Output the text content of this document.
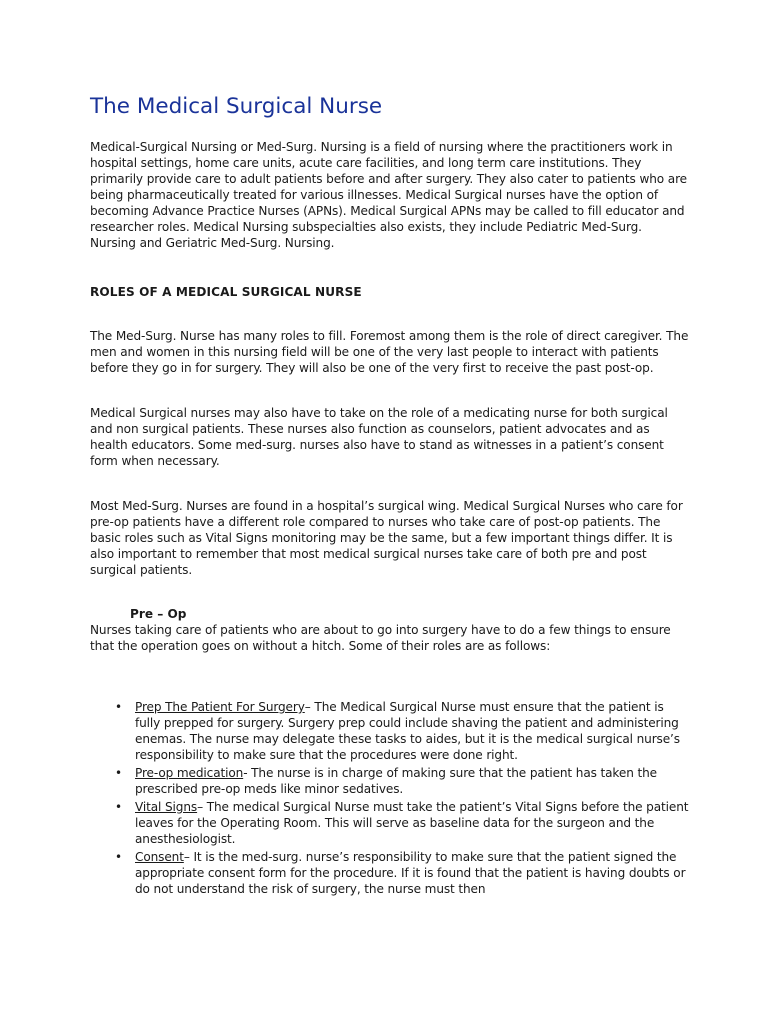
The Medical Surgical Nurse

Medical-Surgical Nursing or Med-Surg. Nursing is a field of nursing where the practitioners work in hospital settings, home care units, acute care facilities, and long term care institutions. They primarily provide care to adult patients before and after surgery. They also cater to patients who are being pharmaceutically treated for various illnesses. Medical Surgical nurses have the option of becoming Advance Practice Nurses (APNs). Medical Surgical APNs may be called to fill educator and researcher roles. Medical Nursing subspecialties also exists, they include Pediatric Med-Surg. Nursing and Geriatric Med-Surg. Nursing.

ROLES OF A MEDICAL SURGICAL NURSE

The Med-Surg. Nurse has many roles to fill. Foremost among them is the role of direct caregiver. The men and women in this nursing field will be one of the very last people to interact with patients before they go in for surgery. They will also be one of the very first to receive the past post-op.

Medical Surgical nurses may also have to take on the role of a medicating nurse for both surgical and non surgical patients. These nurses also function as counselors, patient advocates and as health educators. Some med-surg. nurses also have to stand as witnesses in a patient’s consent form when necessary.

Most Med-Surg. Nurses are found in a hospital’s surgical wing. Medical Surgical Nurses who care for pre-op patients have a different role compared to nurses who take care of post-op patients. The basic roles such as Vital Signs monitoring may be the same, but a few important things differ. It is also important to remember that most medical surgical nurses take care of both pre and post surgical patients.

Pre – Op

Nurses taking care of patients who are about to go into surgery have to do a few things to ensure that the operation goes on without a hitch. Some of their roles are as follows:

• Prep The Patient For Surgery– The Medical Surgical Nurse must ensure that the patient is fully prepped for surgery. Surgery prep could include shaving the patient and administering enemas. The nurse may delegate these tasks to aides, but it is the medical surgical nurse’s responsibility to make sure that the procedures were done right.
• Pre-op medication- The nurse is in charge of making sure that the patient has taken the prescribed pre-op meds like minor sedatives.
• Vital Signs– The medical Surgical Nurse must take the patient’s Vital Signs before the patient leaves for the Operating Room. This will serve as baseline data for the surgeon and the anesthesiologist.
• Consent– It is the med-surg. nurse’s responsibility to make sure that the patient signed the appropriate consent form for the procedure. If it is found that the patient is having doubts or do not understand the risk of surgery, the nurse must then
